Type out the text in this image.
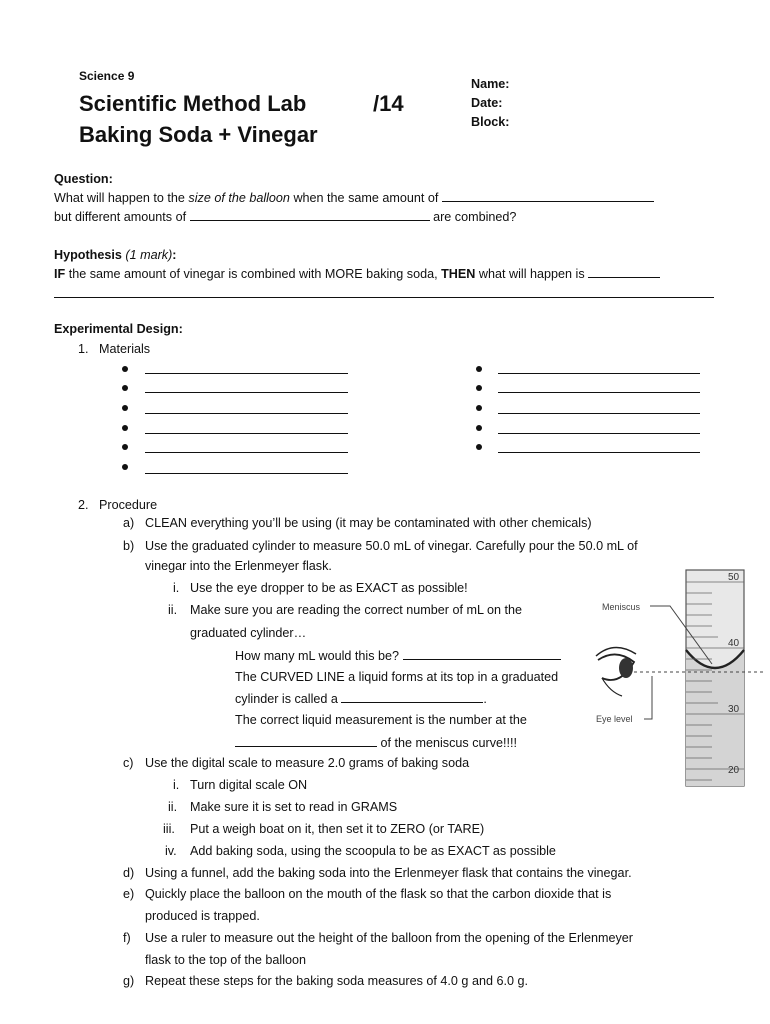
Science 9
Scientific Method Lab
Baking Soda + Vinegar
/14
Name:
Date:
Block:
Question:
What will happen to the size of the balloon when the same amount of
but different amounts of	are combined?
Hypothesis (1 mark):
IF the same amount of vinegar is combined with MORE baking soda, THEN what will happen is
Experimental Design:
1. Materials
2. Procedure
a) CLEAN everything you’ll be using (it may be contaminated with other chemicals)
b) Use the graduated cylinder to measure 50.0 mL of vinegar. Carefully pour the 50.0 mL of
vinegar into the Erlenmeyer flask.
i. Use the eye dropper to be as EXACT as possible!
ii. Make sure you are reading the correct number of mL on the
graduated cylinder…
How many mL would this be?
The CURVED LINE a liquid forms at its top in a graduated
cylinder is called a	.
The correct liquid measurement is the number at the
of the meniscus curve!!!!
c) Use the digital scale to measure 2.0 grams of baking soda
i. Turn digital scale ON
ii. Make sure it is set to read in GRAMS
iii. Put a weigh boat on it, then set it to ZERO (or TARE)
iv. Add baking soda, using the scoopula to be as EXACT as possible
d) Using a funnel, add the baking soda into the Erlenmeyer flask that contains the vinegar.
e) Quickly place the balloon on the mouth of the flask so that the carbon dioxide that is
produced is trapped.
f) Use a ruler to measure out the height of the balloon from the opening of the Erlenmeyer
flask to the top of the balloon
g) Repeat these steps for the baking soda measures of 4.0 g and 6.0 g.
50
40
30
20
Meniscus
Eye level
